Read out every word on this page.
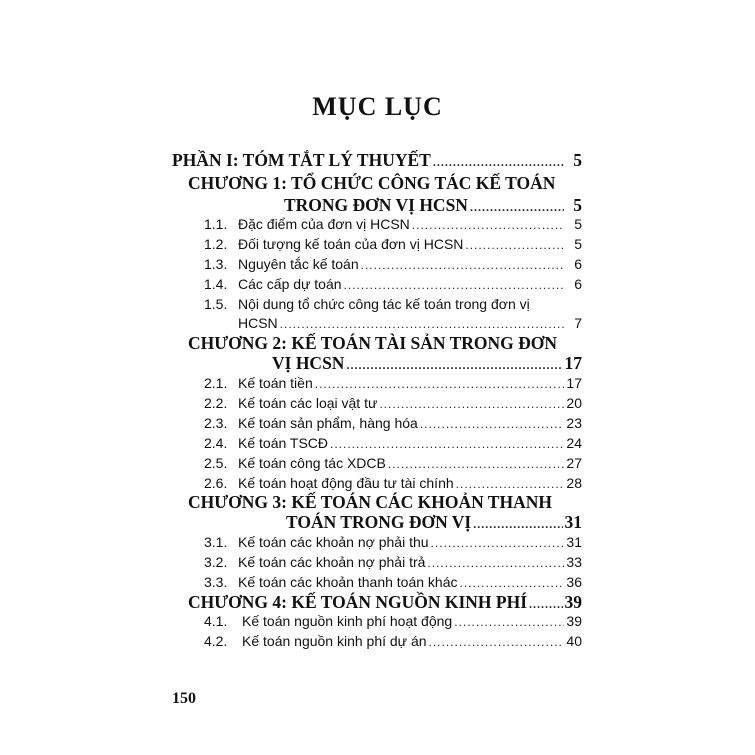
MỤC LỤC
PHẦN I: TÓM TẮT LÝ THUYẾT .....	5
CHƯƠNG 1: TỔ CHỨC CÔNG TÁC KẾ TOÁN
TRONG ĐƠN VỊ HCSN .....	5
1.1. Đặc điểm của đơn vị HCSN .....	5
1.2. Đối tượng kế toán của đơn vị HCSN .....	5
1.3. Nguyên tắc kế toán .....	6
1.4. Các cấp dự toán .....	6
1.5. Nội dung tổ chức công tác kế toán trong đơn vị
HCSN .....	7
CHƯƠNG 2: KẾ TOÁN TÀI SẢN TRONG ĐƠN
VỊ HCSN .....	17
2.1. Kế toán tiền .....	17
2.2. Kế toán các loại vật tư .....	20
2.3. Kế toán sản phẩm, hàng hóa .....	23
2.4. Kế toán TSCĐ .....	24
2.5. Kế toán công tác XDCB .....	27
2.6. Kế toán hoạt động đầu tư tài chính .....	28
CHƯƠNG 3: KẾ TOÁN CÁC KHOẢN THANH
TOÁN TRONG ĐƠN VỊ .....	31
3.1. Kế toán các khoản nợ phải thu .....	31
3.2. Kế toán các khoản nợ phải trả .....	33
3.3. Kế toán các khoản thanh toán khác .....	36
CHƯƠNG 4: KẾ TOÁN NGUỒN KINH PHÍ ..... 39
4.1. Kế toán nguồn kinh phí hoạt động .....	39
4.2. Kế toán nguồn kinh phí dự án .....	40
150
